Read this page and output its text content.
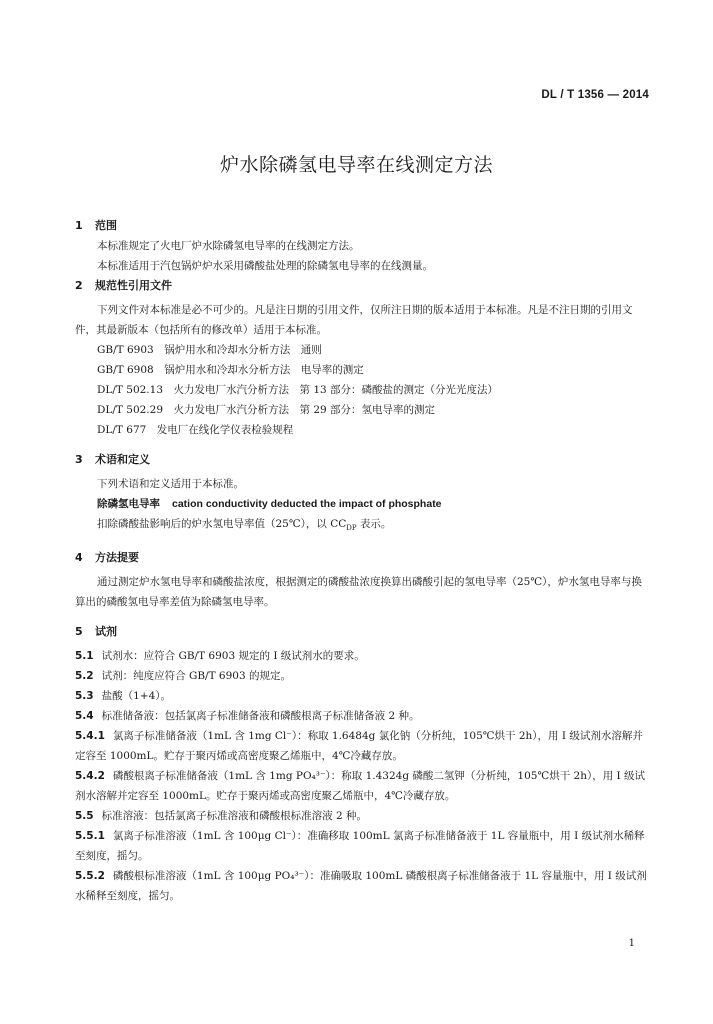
DL / T 1356 — 2014
炉水除磷氢电导率在线测定方法
1 范围
本标准规定了火电厂炉水除磷氢电导率的在线测定方法。
本标准适用于汽包锅炉炉水采用磷酸盐处理的除磷氢电导率的在线测量。
2 规范性引用文件
下列文件对本标准是必不可少的。凡是注日期的引用文件，仅所注日期的版本适用于本标准。凡是不注日期的引用文件，其最新版本（包括所有的修改单）适用于本标准。
GB/T 6903　锅炉用水和冷却水分析方法　通则
GB/T 6908　锅炉用水和冷却水分析方法　电导率的测定
DL/T 502.13　火力发电厂水汽分析方法　第 13 部分：磷酸盐的测定（分光光度法）
DL/T 502.29　火力发电厂水汽分析方法　第 29 部分：氢电导率的测定
DL/T 677　发电厂在线化学仪表检验规程
3 术语和定义
下列术语和定义适用于本标准。
除磷氢电导率 cation conductivity deducted the impact of phosphate
扣除磷酸盐影响后的炉水氢电导率值（25℃），以 $CC_{DP}$ 表示。
4 方法提要
通过测定炉水氢电导率和磷酸盐浓度，根据测定的磷酸盐浓度换算出磷酸引起的氢电导率（25℃），炉水氢电导率与换算出的磷酸氢电导率差值为除磷氢电导率。
5 试剂
5.1 试剂水：应符合 GB/T 6903 规定的 I 级试剂水的要求。
5.2 试剂：纯度应符合 GB/T 6903 的规定。
5.3 盐酸（1+4）。
5.4 标准储备液：包括氯离子标准储备液和磷酸根离子标准储备液 2 种。
5.4.1 氯离子标准储备液（1mL 含 1mg Cl⁻）：称取 1.6484g 氯化钠（分析纯，105℃烘干 2h），用 I 级试剂水溶解并定容至 1000mL。贮存于聚丙烯或高密度聚乙烯瓶中，4℃冷藏存放。
5.4.2 磷酸根离子标准储备液（1mL 含 1mg PO₄³⁻）：称取 1.4324g 磷酸二氢钾（分析纯，105℃烘干 2h），用 I 级试剂水溶解并定容至 1000mL。贮存于聚丙烯或高密度聚乙烯瓶中，4℃冷藏存放。
5.5 标准溶液：包括氯离子标准溶液和磷酸根标准溶液 2 种。
5.5.1 氯离子标准溶液（1mL 含 100μg Cl⁻）：准确移取 100mL 氯离子标准储备液于 1L 容量瓶中，用 I 级试剂水稀释至刻度，摇匀。
5.5.2 磷酸根标准溶液（1mL 含 100μg PO₄³⁻）：准确吸取 100mL 磷酸根离子标准储备液于 1L 容量瓶中，用 I 级试剂水稀释至刻度，摇匀。
1
